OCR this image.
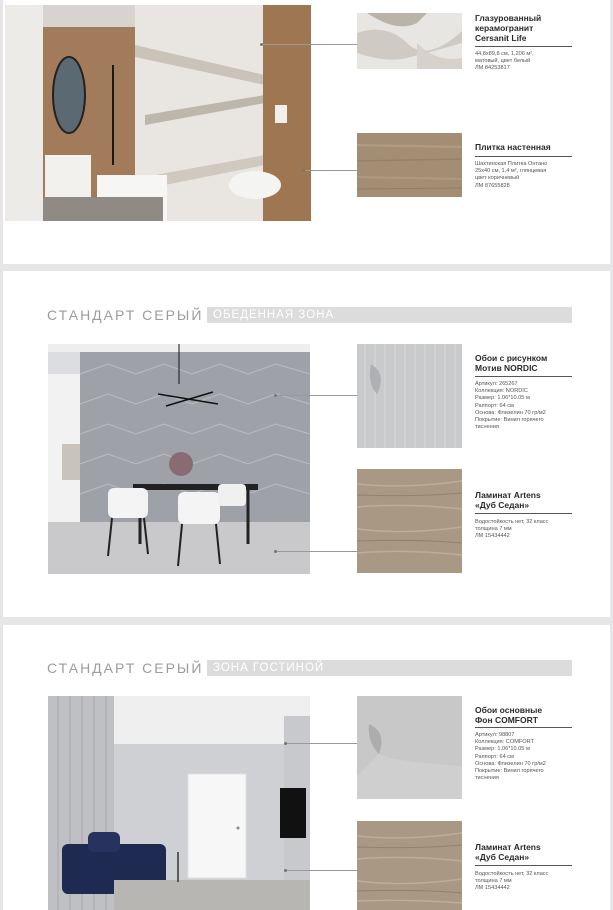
ALT
Глазурованный
керамогранит
Cersanit Life
44,8х89,8 см, 1,206 м²,
матовый, цвет белый
ЛМ 84253817
Плитка настенная
Шахтинская Плитка Онтано
25х40 см, 1,4 м², глянцевая
цвет коричневый
ЛМ 87655828
СТАНДАРТ СЕРЫЙ ОБЕДЕННАЯ ЗОНА
Обои с рисунком
Мотив NORDIC
Артикул: 265267
Коллекция: NORDIC
Размер: 1.06*10.05 м
Раппорт: 64 см
Основа: Флизелин 70 гр/м2
Покрытие: Винил горячего
тиснения
Ламинат Artens
«Дуб Седан»
Водостойкость нет, 32 класс
толщина 7 мм
ЛМ 15434442
СТАНДАРТ СЕРЫЙ ЗОНА ГОСТИНОЙ
Обои основные
Фон COMFORT
Артикул: 98807
Коллекция: COMFORT
Размер: 1.06*10.05 м
Раппорт: 64 см
Основа: Флизелин 70 гр/м2
Покрытие: Винил горячего
тиснения
Ламинат Artens
«Дуб Седан»
Водостойкость нет, 32 класс
толщина 7 мм
ЛМ 15434442
